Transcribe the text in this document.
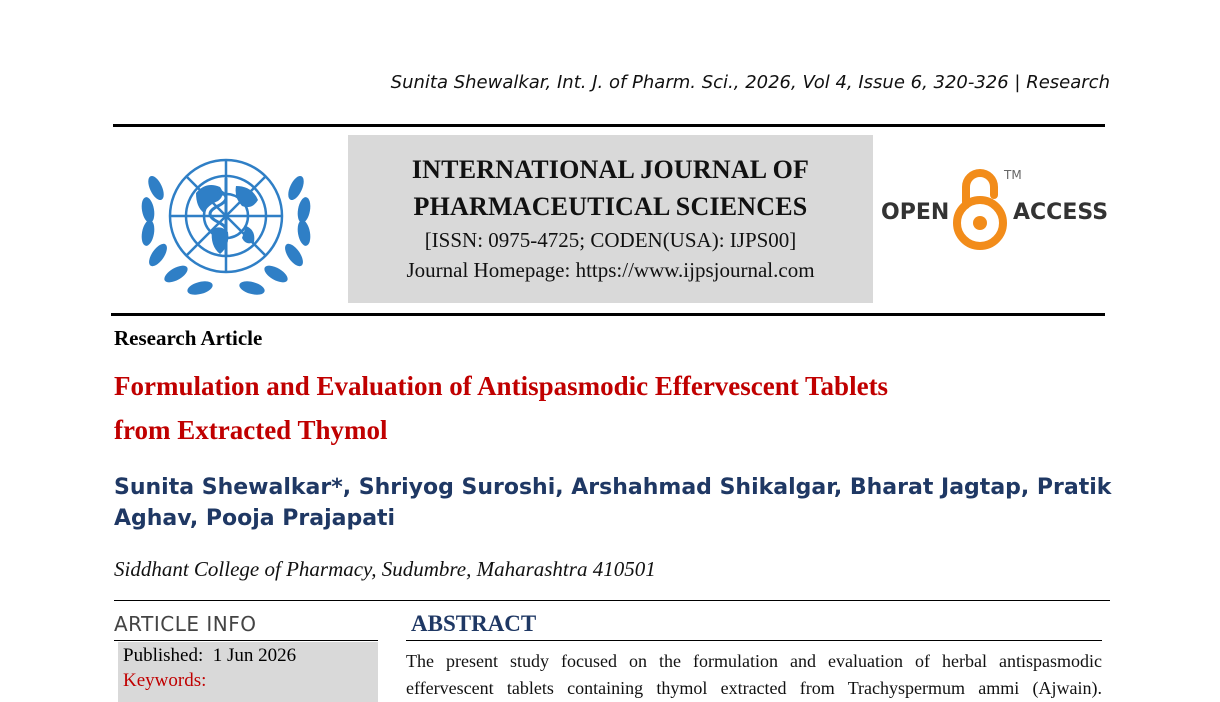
Sunita Shewalkar, Int. J. of Pharm. Sci., 2026, Vol 4, Issue 6, 320-326 | Research
INTERNATIONAL JOURNAL OF
PHARMACEUTICAL SCIENCES
[ISSN: 0975-4725; CODEN(USA): IJPS00]
Journal Homepage: https://www.ijpsjournal.com
OPEN
TM
ACCESS
Research Article
Formulation and Evaluation of Antispasmodic Effervescent Tablets
from Extracted Thymol
Sunita Shewalkar*, Shriyog Suroshi, Arshahmad Shikalgar, Bharat Jagtap, Pratik
Aghav, Pooja Prajapati
Siddhant College of Pharmacy, Sudumbre, Maharashtra 410501
ARTICLE INFO
Published: 1 Jun 2026
Keywords:
ABSTRACT
The present study focused on the formulation and evaluation of herbal antispasmodic
effervescent tablets containing thymol extracted from Trachyspermum ammi (Ajwain).
